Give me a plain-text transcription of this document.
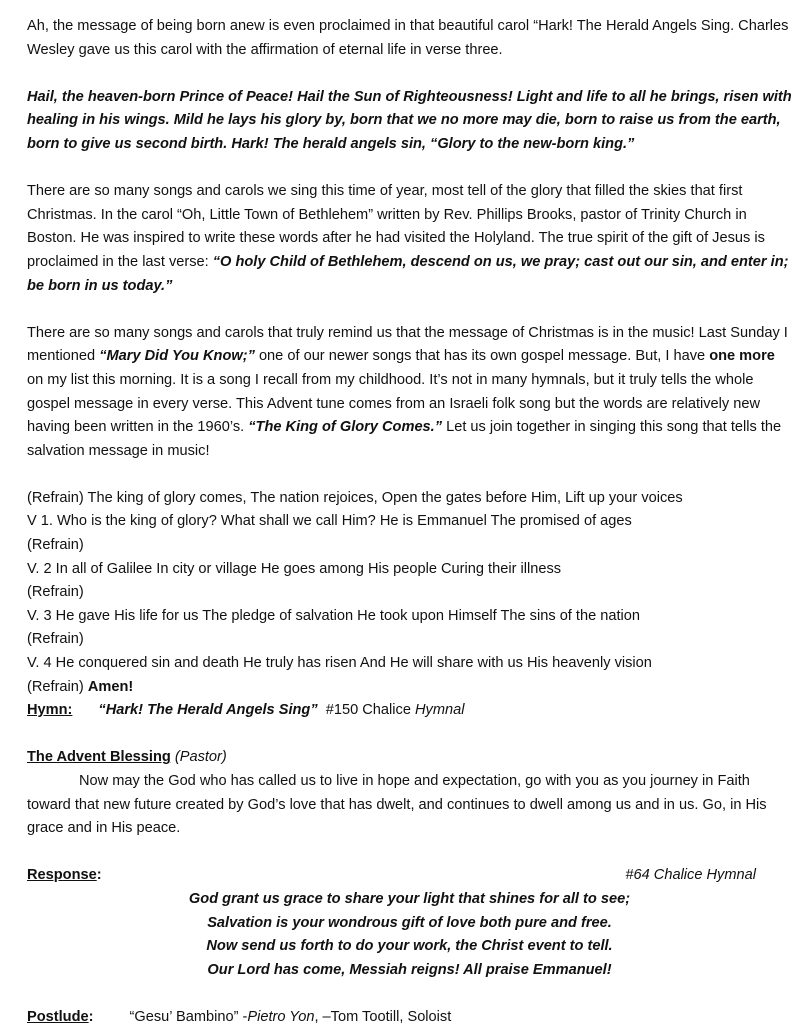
Ah, the message of being born anew is even proclaimed in that beautiful carol “Hark! The Herald Angels Sing. Charles Wesley gave us this carol with the affirmation of eternal life in verse three.

Hail, the heaven-born Prince of Peace! Hail the Sun of Righteousness! Light and life to all he brings, risen with healing in his wings. Mild he lays his glory by, born that we no more may die, born to raise us from the earth, born to give us second birth. Hark! The herald angels sin, “Glory to the new-born king.”

There are so many songs and carols we sing this time of year, most tell of the glory that filled the skies that first Christmas. In the carol “Oh, Little Town of Bethlehem” written by Rev. Phillips Brooks, pastor of Trinity Church in Boston. He was inspired to write these words after he had visited the Holyland. The true spirit of the gift of Jesus is proclaimed in the last verse: “O holy Child of Bethlehem, descend on us, we pray; cast out our sin, and enter in; be born in us today.”

There are so many songs and carols that truly remind us that the message of Christmas is in the music! Last Sunday I mentioned “Mary Did You Know;” one of our newer songs that has its own gospel message. But, I have one more on my list this morning. It is a song I recall from my childhood. It’s not in many hymnals, but it truly tells the whole gospel message in every verse. This Advent tune comes from an Israeli folk song but the words are relatively new having been written in the 1960’s. “The King of Glory Comes.” Let us join together in singing this song that tells the salvation message in music!

(Refrain) The king of glory comes, The nation rejoices, Open the gates before Him, Lift up your voices

V 1. Who is the king of glory? What shall we call Him? He is Emmanuel The promised of ages

(Refrain)

V. 2 In all of Galilee In city or village He goes among His people Curing their illness

(Refrain)

V. 3 He gave His life for us The pledge of salvation He took upon Himself The sins of the nation

(Refrain)

V. 4 He conquered sin and death He truly has risen And He will share with us His heavenly vision

(Refrain) Amen!

Hymn: “Hark! The Herald Angels Sing”  #150 Chalice Hymnal

The Advent Blessing (Pastor)

Now may the God who has called us to live in hope and expectation, go with you as you journey in Faith toward that new future created by God’s love that has dwelt, and continues to dwell among us and in us. Go, in His grace and in His peace.

Response:	#64 Chalice Hymnal

God grant us grace to share your light that shines for all to see;

Salvation is your wondrous gift of love both pure and free.

Now send us forth to do your work, the Christ event to tell.

Our Lord has come, Messiah reigns! All praise Emmanuel!

Postlude: “Gesu’ Bambino” -Pietro Yon, –Tom Tootill, Soloist
